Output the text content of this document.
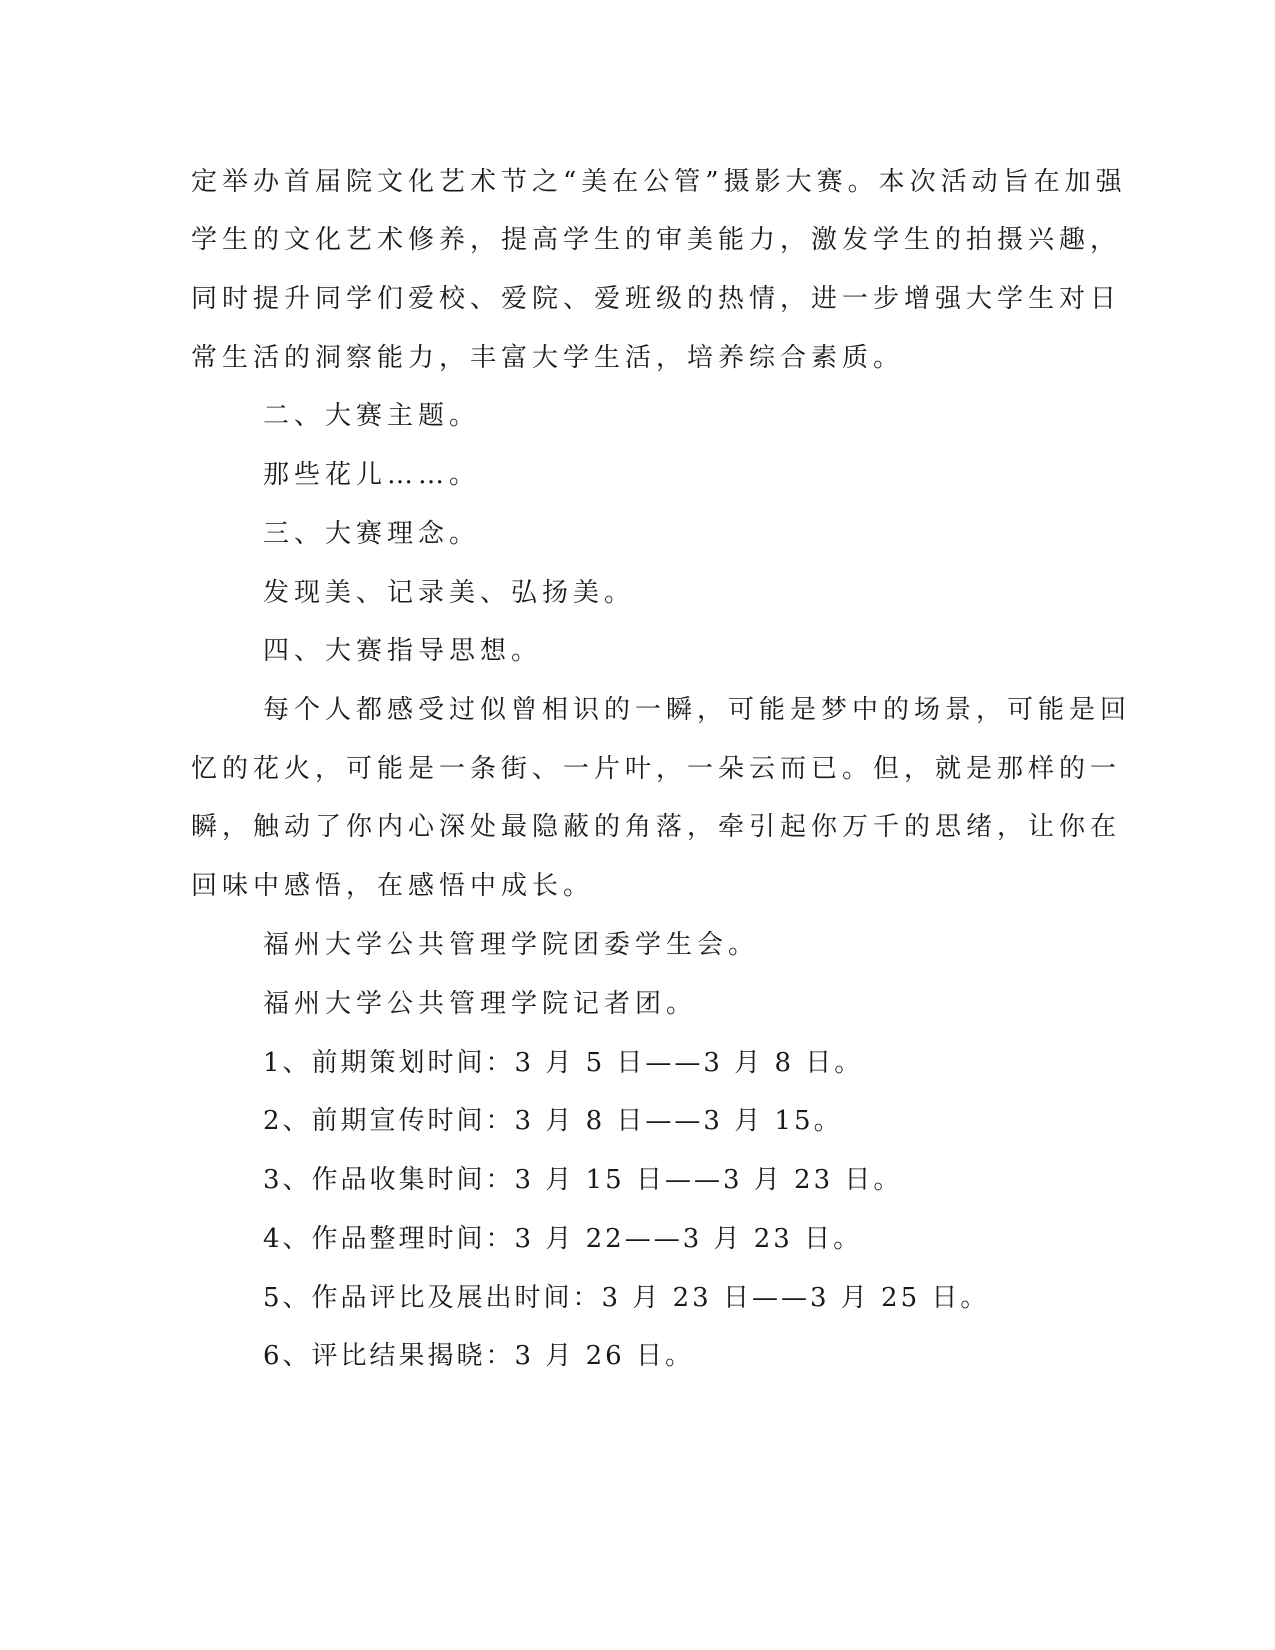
定举办首届院文化艺术节之“美在公管”摄影大赛。本次活动旨在加强
学生的文化艺术修养，提高学生的审美能力，激发学生的拍摄兴趣，
同时提升同学们爱校、爱院、爱班级的热情，进一步增强大学生对日
常生活的洞察能力，丰富大学生活，培养综合素质。
二、大赛主题。
那些花儿……。
三、大赛理念。
发现美、记录美、弘扬美。
四、大赛指导思想。
每个人都感受过似曾相识的一瞬，可能是梦中的场景，可能是回
忆的花火，可能是一条街、一片叶，一朵云而已。但，就是那样的一
瞬，触动了你内心深处最隐蔽的角落，牵引起你万千的思绪，让你在
回味中感悟，在感悟中成长。
福州大学公共管理学院团委学生会。
福州大学公共管理学院记者团。
1、前期策划时间：3 月 5 日——3 月 8 日。
2、前期宣传时间：3 月 8 日——3 月 15。
3、作品收集时间：3 月 15 日——3 月 23 日。
4、作品整理时间：3 月 22——3 月 23 日。
5、作品评比及展出时间：3 月 23 日——3 月 25 日。
6、评比结果揭晓：3 月 26 日。
